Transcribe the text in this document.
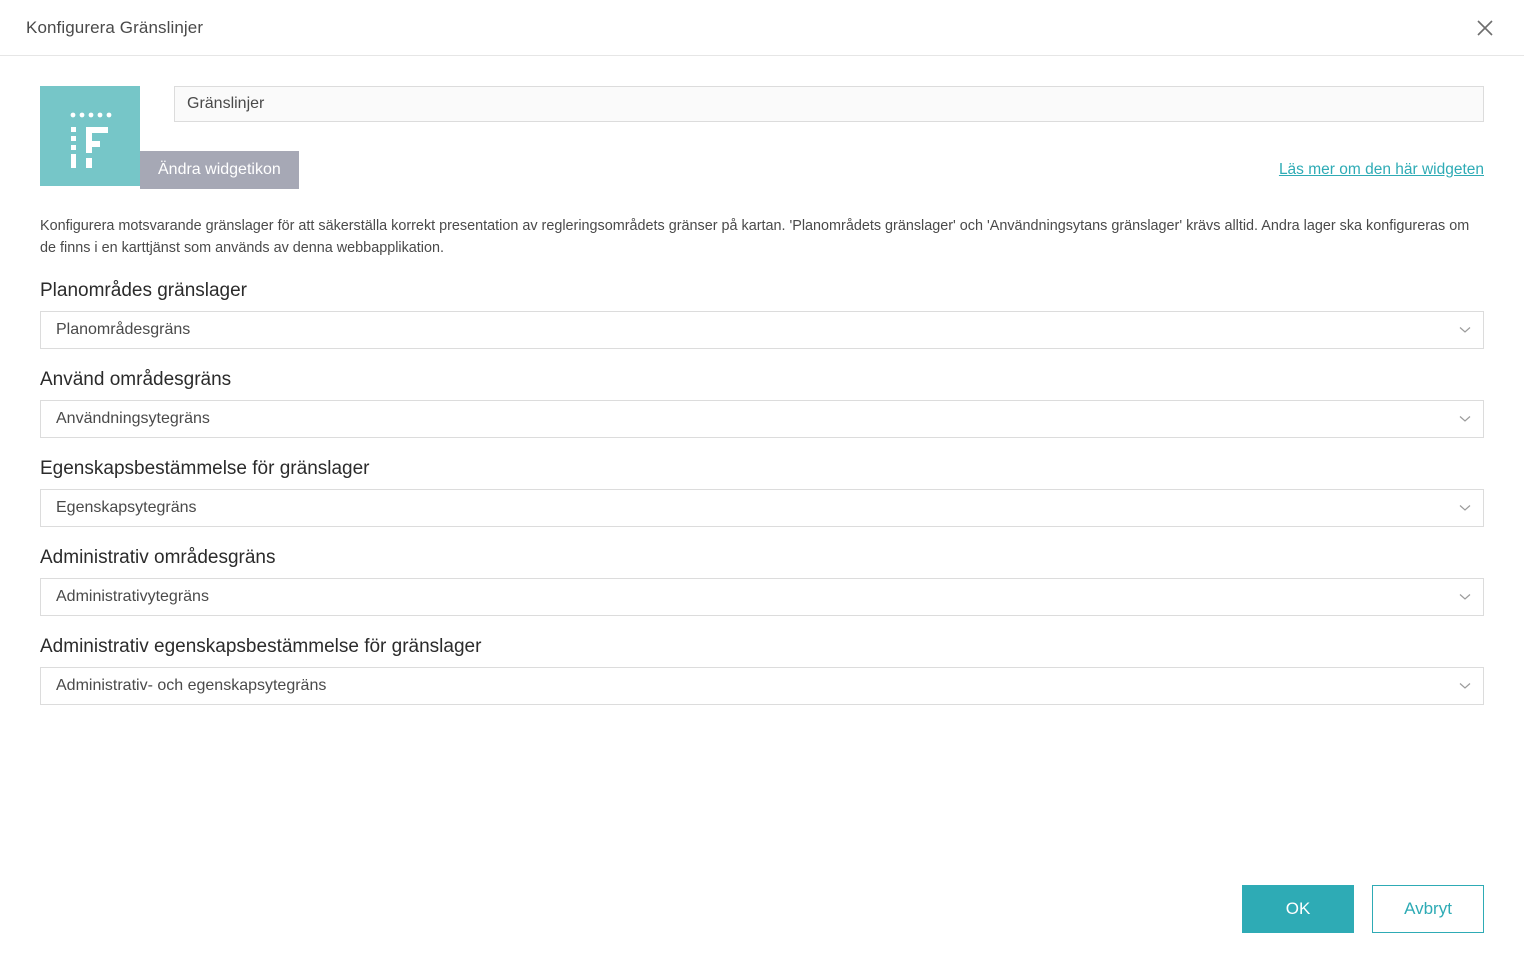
Konfigurera Gränslinjer
Gränslinjer
Ändra widgetikon	Läs mer om den här widgeten
Konfigurera motsvarande gränslager för att säkerställa korrekt presentation av regleringsområdets gränser på kartan. 'Planområdets gränslager' och 'Användningsytans gränslager' krävs alltid. Andra lager ska konfigureras om de finns i en karttjänst som används av denna webbapplikation.
Planområdes gränslager
Planområdesgräns
Använd områdesgräns
Användningsytegräns
Egenskapsbestämmelse för gränslager
Egenskapsytegräns
Administrativ områdesgräns
Administrativytegräns
Administrativ egenskapsbestämmelse för gränslager
Administrativ- och egenskapsytegräns
OK	Avbryt
